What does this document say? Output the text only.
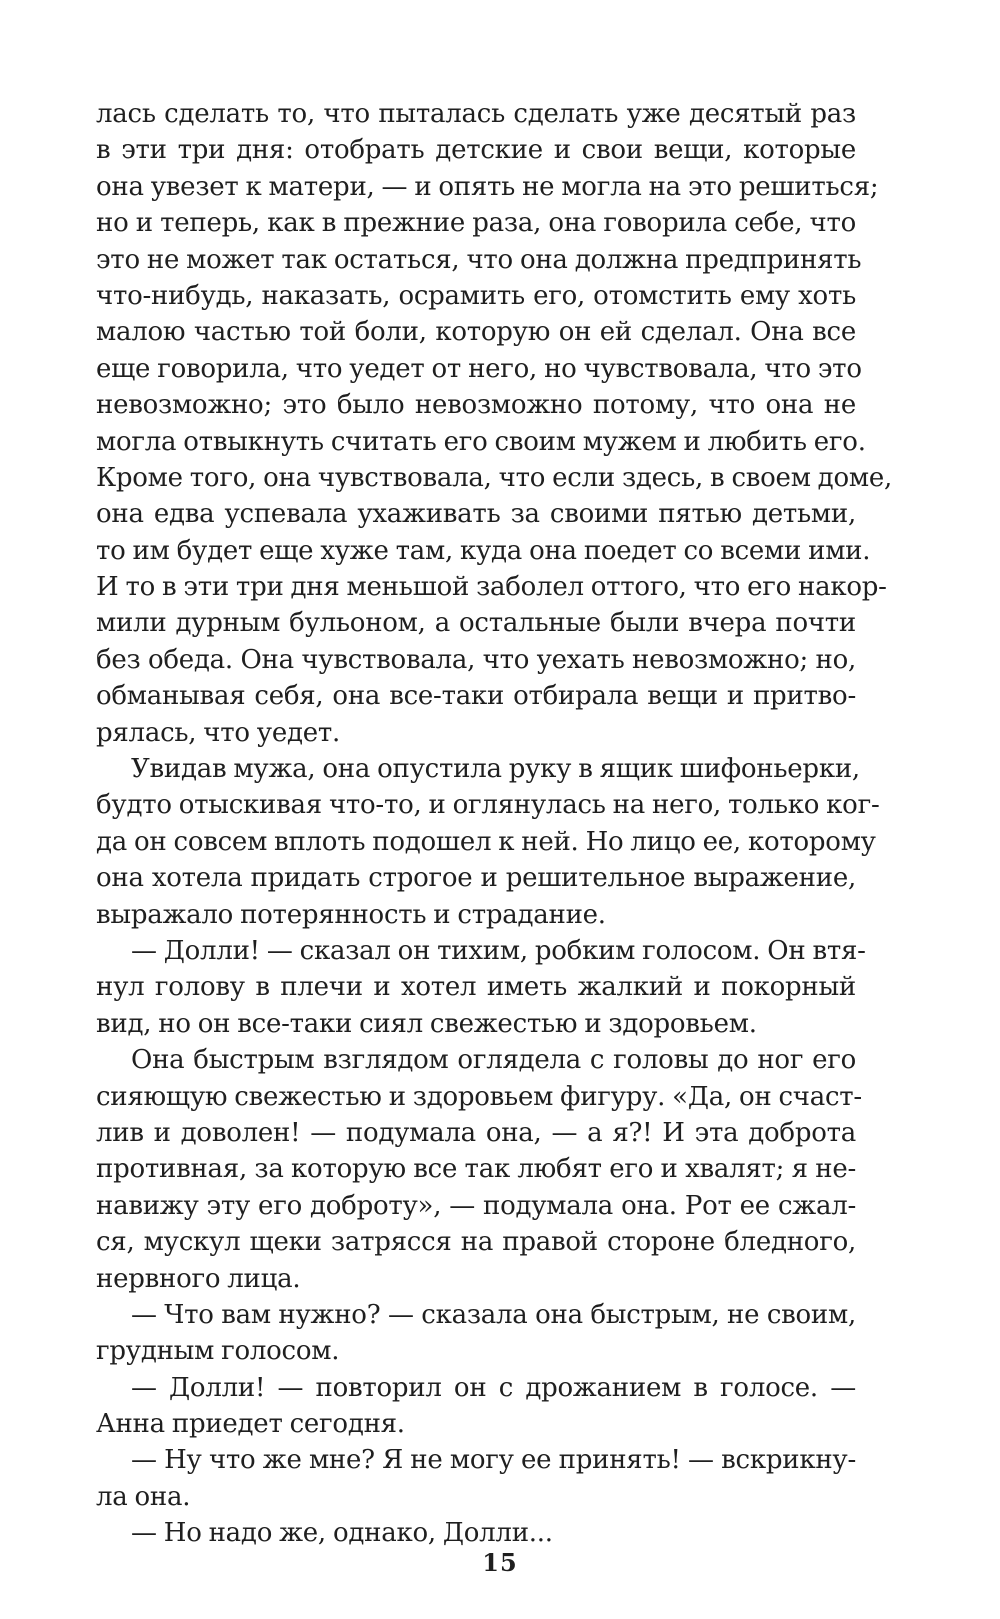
лась сделать то, что пыталась сделать уже десятый раз
в эти три дня: отобрать детские и свои вещи, которые
она увезет к матери, — и опять не могла на это решиться;
но и теперь, как в прежние раза, она говорила себе, что
это не может так остаться, что она должна предпринять
что-нибудь, наказать, осрамить его, отомстить ему хоть
малою частью той боли, которую он ей сделал. Она все
еще говорила, что уедет от него, но чувствовала, что это
невозможно; это было невозможно потому, что она не
могла отвыкнуть считать его своим мужем и любить его.
Кроме того, она чувствовала, что если здесь, в своем доме,
она едва успевала ухаживать за своими пятью детьми,
то им будет еще хуже там, куда она поедет со всеми ими.
И то в эти три дня меньшой заболел оттого, что его накор-
мили дурным бульоном, а остальные были вчера почти
без обеда. Она чувствовала, что уехать невозможно; но,
обманывая себя, она все-таки отбирала вещи и притво-
рялась, что уедет.
Увидав мужа, она опустила руку в ящик шифоньерки,
будто отыскивая что-то, и оглянулась на него, только ког-
да он совсем вплоть подошел к ней. Но лицо ее, которому
она хотела придать строгое и решительное выражение,
выражало потерянность и страдание.
— Долли! — сказал он тихим, робким голосом. Он втя-
нул голову в плечи и хотел иметь жалкий и покорный
вид, но он все-таки сиял свежестью и здоровьем.
Она быстрым взглядом оглядела с головы до ног его
сияющую свежестью и здоровьем фигуру. «Да, он счаст-
лив и доволен! — подумала она, — а я?! И эта доброта
противная, за которую все так любят его и хвалят; я не-
навижу эту его доброту», — подумала она. Рот ее сжал-
ся, мускул щеки затрясся на правой стороне бледного,
нервного лица.
— Что вам нужно? — сказала она быстрым, не своим,
грудным голосом.
— Долли! — повторил он с дрожанием в голосе. —
Анна приедет сегодня.
— Ну что же мне? Я не могу ее принять! — вскрикну-
ла она.
— Но надо же, однако, Долли...
15
